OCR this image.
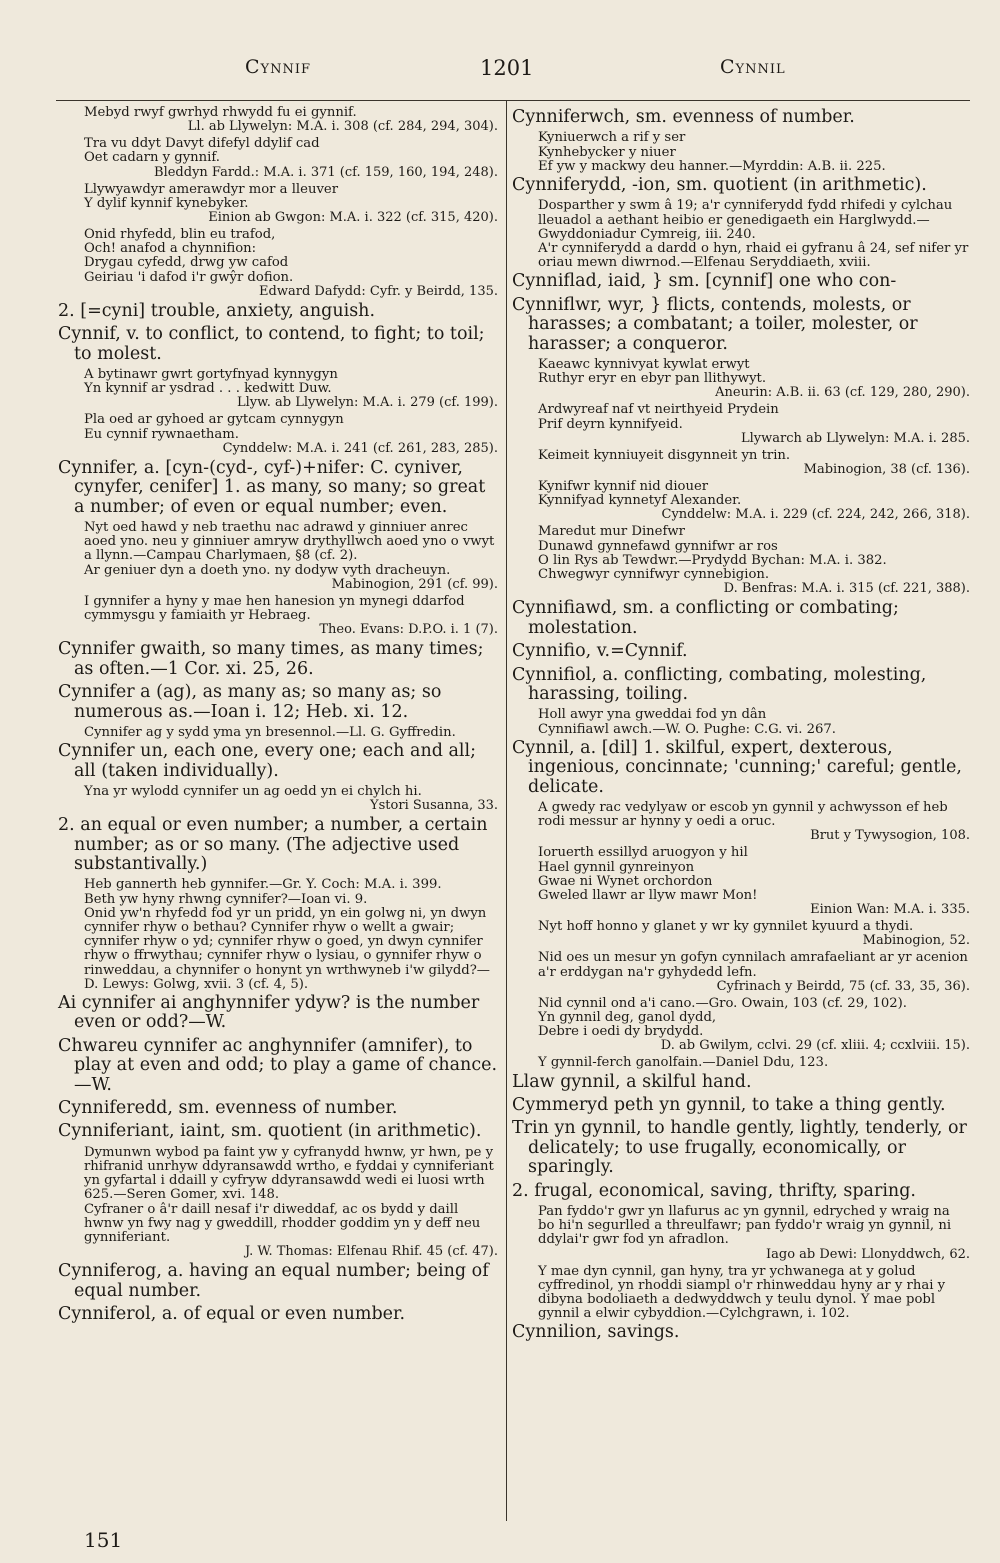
Cynnif	1201	Cynnil
Mebyd rwyf gwrhyd rhwydd fu ei gynnif.
Ll. ab Llywelyn: M.A. i. 308 (cf. 284, 294, 304).
Tra vu ddyt Davyt difefyl ddylif cad
Oet cadarn y gynnif.
Bleddyn Fardd.: M.A. i. 371 (cf. 159, 160, 194, 248).
Llywyawdyr amerawdyr mor a lleuver
Y dylif kynnif kynebyker.
Einion ab Gwgon: M.A. i. 322 (cf. 315, 420).
Onid rhyfedd, blin eu trafod,
Och! anafod a chynnifion:
Drygau cyfedd, drwg yw cafod
Geiriau 'i dafod i'r gwŷr dofion.
Edward Dafydd: Cyfr. y Beirdd, 135.
2. [=cyni] trouble, anxiety, anguish.
Cynnif, v. to conflict, to contend, to fight; to toil; to molest.
A bytinawr gwrt gortyfnyad kynnygyn
Yn kynnif ar ysdrad . . . kedwitt Duw.
Llyw. ab Llywelyn: M.A. i. 279 (cf. 199).
Pla oed ar gyhoed ar gytcam cynnygyn
Eu cynnif rywnaetham.
Cynddelw: M.A. i. 241 (cf. 261, 283, 285).
Cynnifer, a. [cyn-(cyd-, cyf-)+nifer: C. cyniver, cynyfer, cenifer] 1. as many, so many; so great a number; of even or equal number; even.
Nyt oed hawd y neb traethu nac adrawd y ginniuer anrec aoed yno. neu y ginniuer amryw drythyllwch aoed yno o vwyt a llynn.—Campau Charlymaen, §8 (cf. 2).
Ar geniuer dyn a doeth yno. ny dodyw vyth dracheuyn.
Mabinogion, 291 (cf. 99).
I gynnifer a hyny y mae hen hanesion yn mynegi ddarfod cymmysgu y famiaith yr Hebraeg.
Theo. Evans: D.P.O. i. 1 (7).
Cynnifer gwaith, so many times, as many times; as often.—1 Cor. xi. 25, 26.
Cynnifer a (ag), as many as; so many as; so numerous as.—Ioan i. 12; Heb. xi. 12.
Cynnifer ag y sydd yma yn bresennol.—Ll. G. Gyffredin.
Cynnifer un, each one, every one; each and all; all (taken individually).
Yna yr wylodd cynnifer un ag oedd yn ei chylch hi.
Ystori Susanna, 33.
2. an equal or even number; a number, a certain number; as or so many. (The adjective used substantivally.)
Heb gannerth heb gynnifer.—Gr. Y. Coch: M.A. i. 399.
Beth yw hyny rhwng cynnifer?—Ioan vi. 9.
Onid yw'n rhyfedd fod yr un pridd, yn ein golwg ni, yn dwyn cynnifer rhyw o bethau? Cynnifer rhyw o wellt a gwair; cynnifer rhyw o yd; cynnifer rhyw o goed, yn dwyn cynnifer rhyw o ffrwythau; cynnifer rhyw o lysiau, o gynnifer rhyw o rinweddau, a chynnifer o honynt yn wrthwyneb i'w gilydd?—D. Lewys: Golwg, xvii. 3 (cf. 4, 5).
Ai cynnifer ai anghynnifer ydyw? is the number even or odd?—W.
Chwareu cynnifer ac anghynnifer (amnifer), to play at even and odd; to play a game of chance.—W.
Cynniferedd, sm. evenness of number.
Cynniferiant, iaint, sm. quotient (in arithmetic).
Dymunwn wybod pa faint yw y cyfranydd hwnw, yr hwn, pe y rhifranid unrhyw ddyransawdd wrtho, e fyddai y cynniferiant yn gyfartal i ddaill y cyfryw ddyransawdd wedi ei luosi wrth 625.—Seren Gomer, xvi. 148.
Cyfraner o â'r daill nesaf i'r diweddaf, ac os bydd y daill hwnw yn fwy nag y gweddill, rhodder goddim yn y deff neu gynniferiant.
J. W. Thomas: Elfenau Rhif. 45 (cf. 47).
Cynniferog, a. having an equal number; being of equal number.
Cynniferol, a. of equal or even number.
Cynniferwch, sm. evenness of number.
Kyniuerwch a rif y ser
Kynhebycker y niuer
Ef yw y mackwy deu hanner.—Myrddin: A.B. ii. 225.
Cynniferydd, -ion, sm. quotient (in arithmetic).
Dosparther y swm â 19; a'r cynniferydd fydd rhifedi y cylchau lleuadol a aethant heibio er genedigaeth ein Harglwydd.—Gwyddoniadur Cymreig, iii. 240.
A'r cynniferydd a dardd o hyn, rhaid ei gyfranu â 24, sef nifer yr oriau mewn diwrnod.—Elfenau Seryddiaeth, xviii.
Cynniflad, iaid, } sm. [cynnif] one who con-
Cynniflwr, wyr, } flicts, contends, molests, or harasses; a combatant; a toiler, molester, or harasser; a conqueror.
Kaeawc kynnivyat kywlat erwyt
Ruthyr eryr en ebyr pan llithywyt.
Aneurin: A.B. ii. 63 (cf. 129, 280, 290).
Ardwyreaf naf vt neirthyeid Prydein
Prif deyrn kynnifyeid.
Llywarch ab Llywelyn: M.A. i. 285.
Keimeit kynniuyeit disgynneit yn trin.
Mabinogion, 38 (cf. 136).
Kynifwr kynnif nid diouer
Kynnifyad kynnetyf Alexander.
Cynddelw: M.A. i. 229 (cf. 224, 242, 266, 318).
Maredut mur Dinefwr
Dunawd gynnefawd gynnifwr ar ros
O lin Rys ab Tewdwr.—Prydydd Bychan: M.A. i. 382.
Chwegwyr cynnifwyr cynnebigion.
D. Benfras: M.A. i. 315 (cf. 221, 388).
Cynnifiawd, sm. a conflicting or combating; molestation.
Cynnifio, v.=Cynnif.
Cynnifiol, a. conflicting, combating, molesting, harassing, toiling.
Holl awyr yna gweddai fod yn dân
Cynnifiawl awch.—W. O. Pughe: C.G. vi. 267.
Cynnil, a. [dil] 1. skilful, expert, dexterous, ingenious, concinnate; 'cunning;' careful; gentle, delicate.
A gwedy rac vedylyaw or escob yn gynnil y achwysson ef heb rodi messur ar hynny y oedi a oruc.
Brut y Tywysogion, 108.
Ioruerth essillyd aruogyon y hil
Hael gynnil gynreinyon
Gwae ni Wynet orchordon
Gweled llawr ar llyw mawr Mon!
Einion Wan: M.A. i. 335.
Nyt hoff honno y glanet y wr ky gynnilet kyuurd a thydi.
Mabinogion, 52.
Nid oes un mesur yn gofyn cynnilach amrafaeliant ar yr acenion a'r erddygan na'r gyhydedd lefn.
Cyfrinach y Beirdd, 75 (cf. 33, 35, 36).
Nid cynnil ond a'i cano.—Gro. Owain, 103 (cf. 29, 102).
Yn gynnil deg, ganol dydd,
Debre i oedi dy brydydd.
D. ab Gwilym, cclvi. 29 (cf. xliii. 4; ccxlviii. 15).
Y gynnil-ferch ganolfain.—Daniel Ddu, 123.
Llaw gynnil, a skilful hand.
Cymmeryd peth yn gynnil, to take a thing gently.
Trin yn gynnil, to handle gently, lightly, tenderly, or delicately; to use frugally, economically, or sparingly.
2. frugal, economical, saving, thrifty, sparing.
Pan fyddo'r gwr yn llafurus ac yn gynnil, edryched y wraig na bo hi'n segurlled a threulfawr; pan fyddo'r wraig yn gynnil, ni ddylai'r gwr fod yn afradlon.
Iago ab Dewi: Llonyddwch, 62.
Y mae dyn cynnil, gan hyny, tra yr ychwanega at y golud cyffredinol, yn rhoddi siampl o'r rhinweddau hyny ar y rhai y dibyna bodoliaeth a dedwyddwch y teulu dynol. Y mae pobl gynnil a elwir cybyddion.—Cylchgrawn, i. 102.
Cynnilion, savings.
151
